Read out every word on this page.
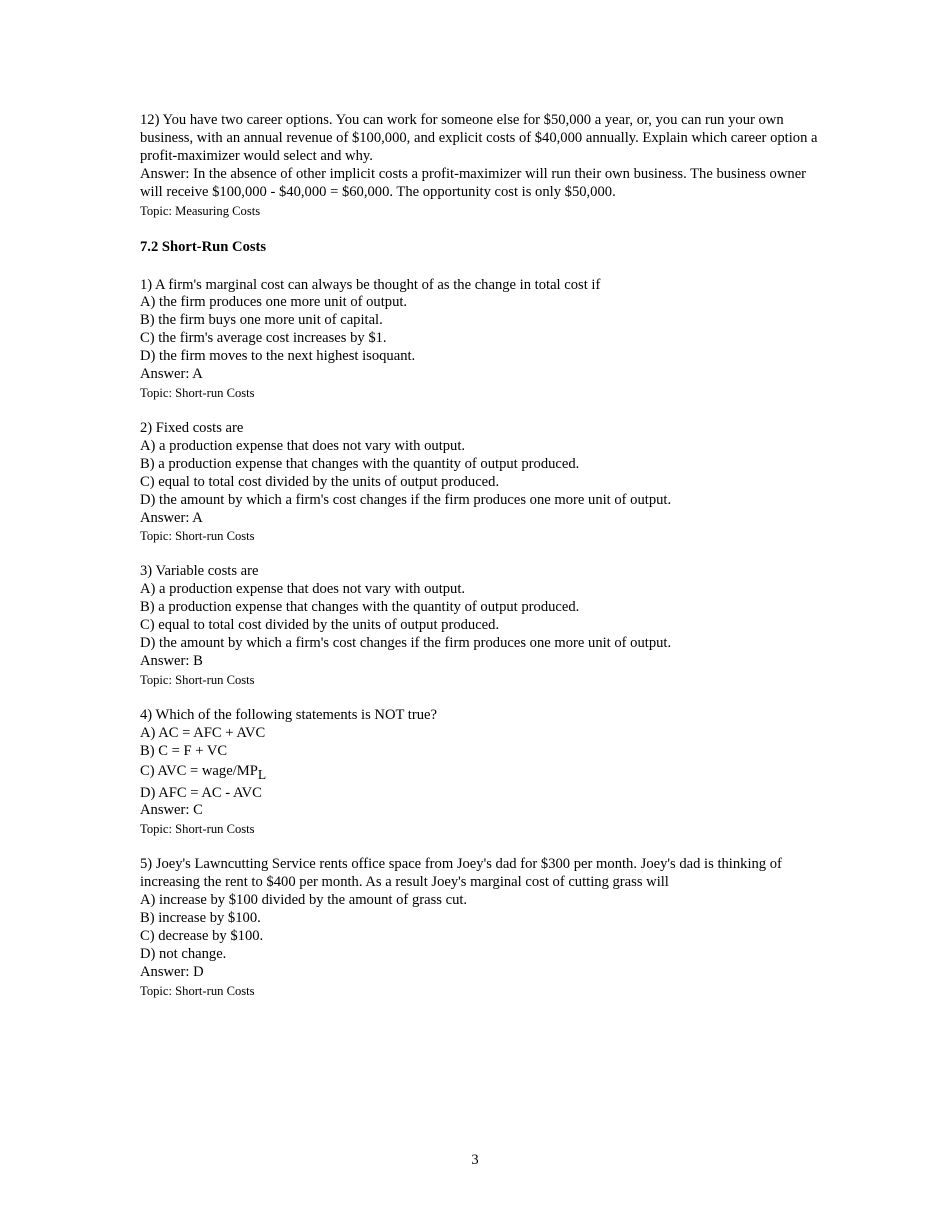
12) You have two career options. You can work for someone else for $50,000 a year, or, you can run your own business, with an annual revenue of $100,000, and explicit costs of $40,000 annually. Explain which career option a profit-maximizer would select and why.
Answer: In the absence of other implicit costs a profit-maximizer will run their own business. The business owner will receive $100,000 - $40,000 = $60,000. The opportunity cost is only $50,000.
Topic: Measuring Costs
7.2 Short-Run Costs
1) A firm's marginal cost can always be thought of as the change in total cost if
A) the firm produces one more unit of output.
B) the firm buys one more unit of capital.
C) the firm's average cost increases by $1.
D) the firm moves to the next highest isoquant.
Answer: A
Topic: Short-run Costs
2) Fixed costs are
A) a production expense that does not vary with output.
B) a production expense that changes with the quantity of output produced.
C) equal to total cost divided by the units of output produced.
D) the amount by which a firm's cost changes if the firm produces one more unit of output.
Answer: A
Topic: Short-run Costs
3) Variable costs are
A) a production expense that does not vary with output.
B) a production expense that changes with the quantity of output produced.
C) equal to total cost divided by the units of output produced.
D) the amount by which a firm's cost changes if the firm produces one more unit of output.
Answer: B
Topic: Short-run Costs
4) Which of the following statements is NOT true?
A) AC = AFC + AVC
B) C = F + VC
C) AVC = wage/MPL
D) AFC = AC - AVC
Answer: C
Topic: Short-run Costs
5) Joey's Lawncutting Service rents office space from Joey's dad for $300 per month. Joey's dad is thinking of increasing the rent to $400 per month. As a result Joey's marginal cost of cutting grass will
A) increase by $100 divided by the amount of grass cut.
B) increase by $100.
C) decrease by $100.
D) not change.
Answer: D
Topic: Short-run Costs
3
